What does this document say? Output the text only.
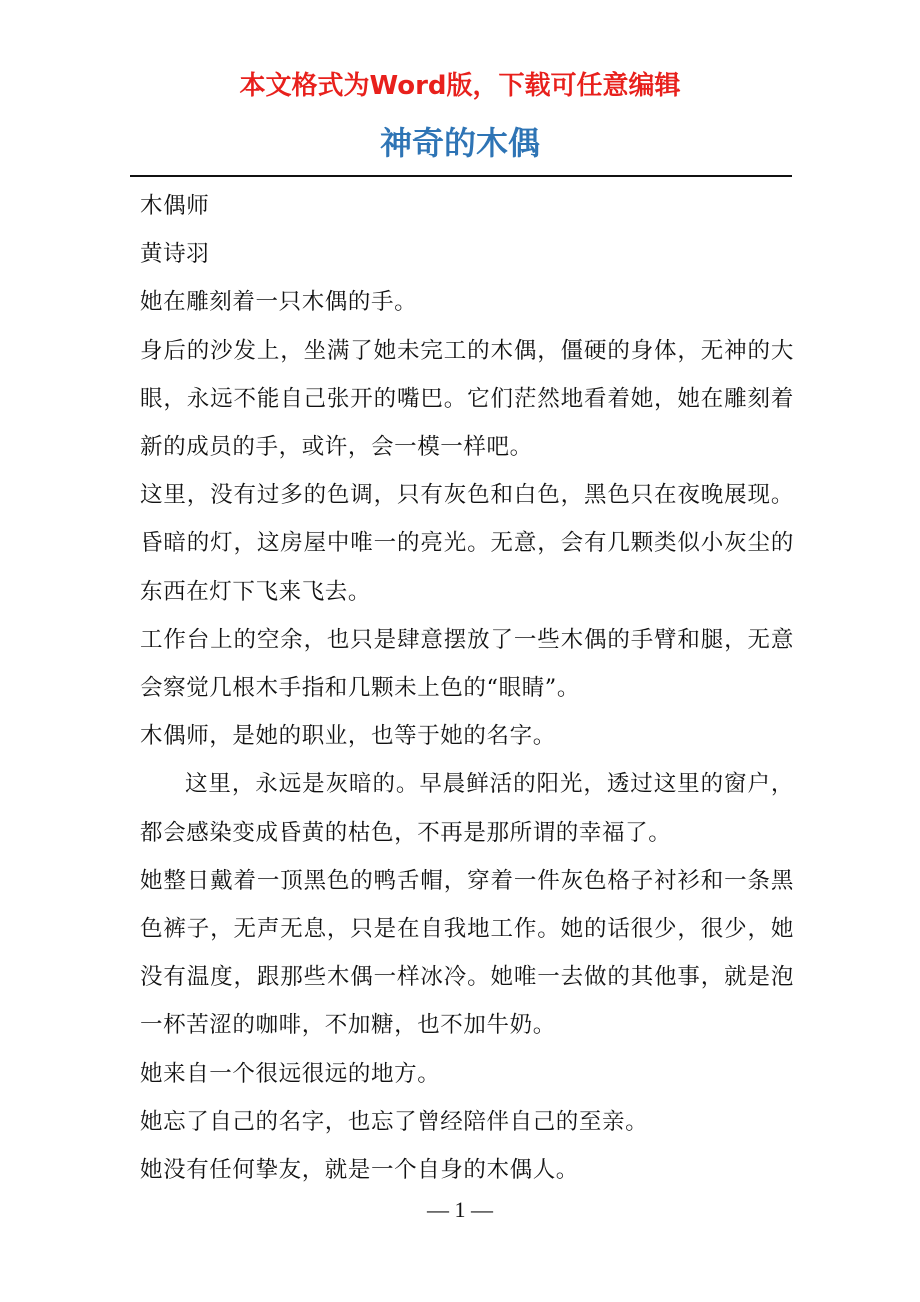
本文格式为Word版，下载可任意编辑
神奇的木偶

木偶师

黄诗羽

她在雕刻着一只木偶的手。

身后的沙发上，坐满了她未完工的木偶，僵硬的身体，无神的大眼，永远不能自己张开的嘴巴。它们茫然地看着她，她在雕刻着新的成员的手，或许，会一模一样吧。

这里，没有过多的色调，只有灰色和白色，黑色只在夜晚展现。昏暗的灯，这房屋中唯一的亮光。无意，会有几颗类似小灰尘的东西在灯下飞来飞去。

工作台上的空余，也只是肆意摆放了一些木偶的手臂和腿，无意会察觉几根木手指和几颗未上色的“眼睛”。

木偶师，是她的职业，也等于她的名字。

这里，永远是灰暗的。早晨鲜活的阳光，透过这里的窗户，都会感染变成昏黄的枯色，不再是那所谓的幸福了。

她整日戴着一顶黑色的鸭舌帽，穿着一件灰色格子衬衫和一条黑色裤子，无声无息，只是在自我地工作。她的话很少，很少，她没有温度，跟那些木偶一样冰冷。她唯一去做的其他事，就是泡一杯苦涩的咖啡，不加糖，也不加牛奶。

她来自一个很远很远的地方。

她忘了自己的名字，也忘了曾经陪伴自己的至亲。

她没有任何挚友，就是一个自身的木偶人。

— 1 —
